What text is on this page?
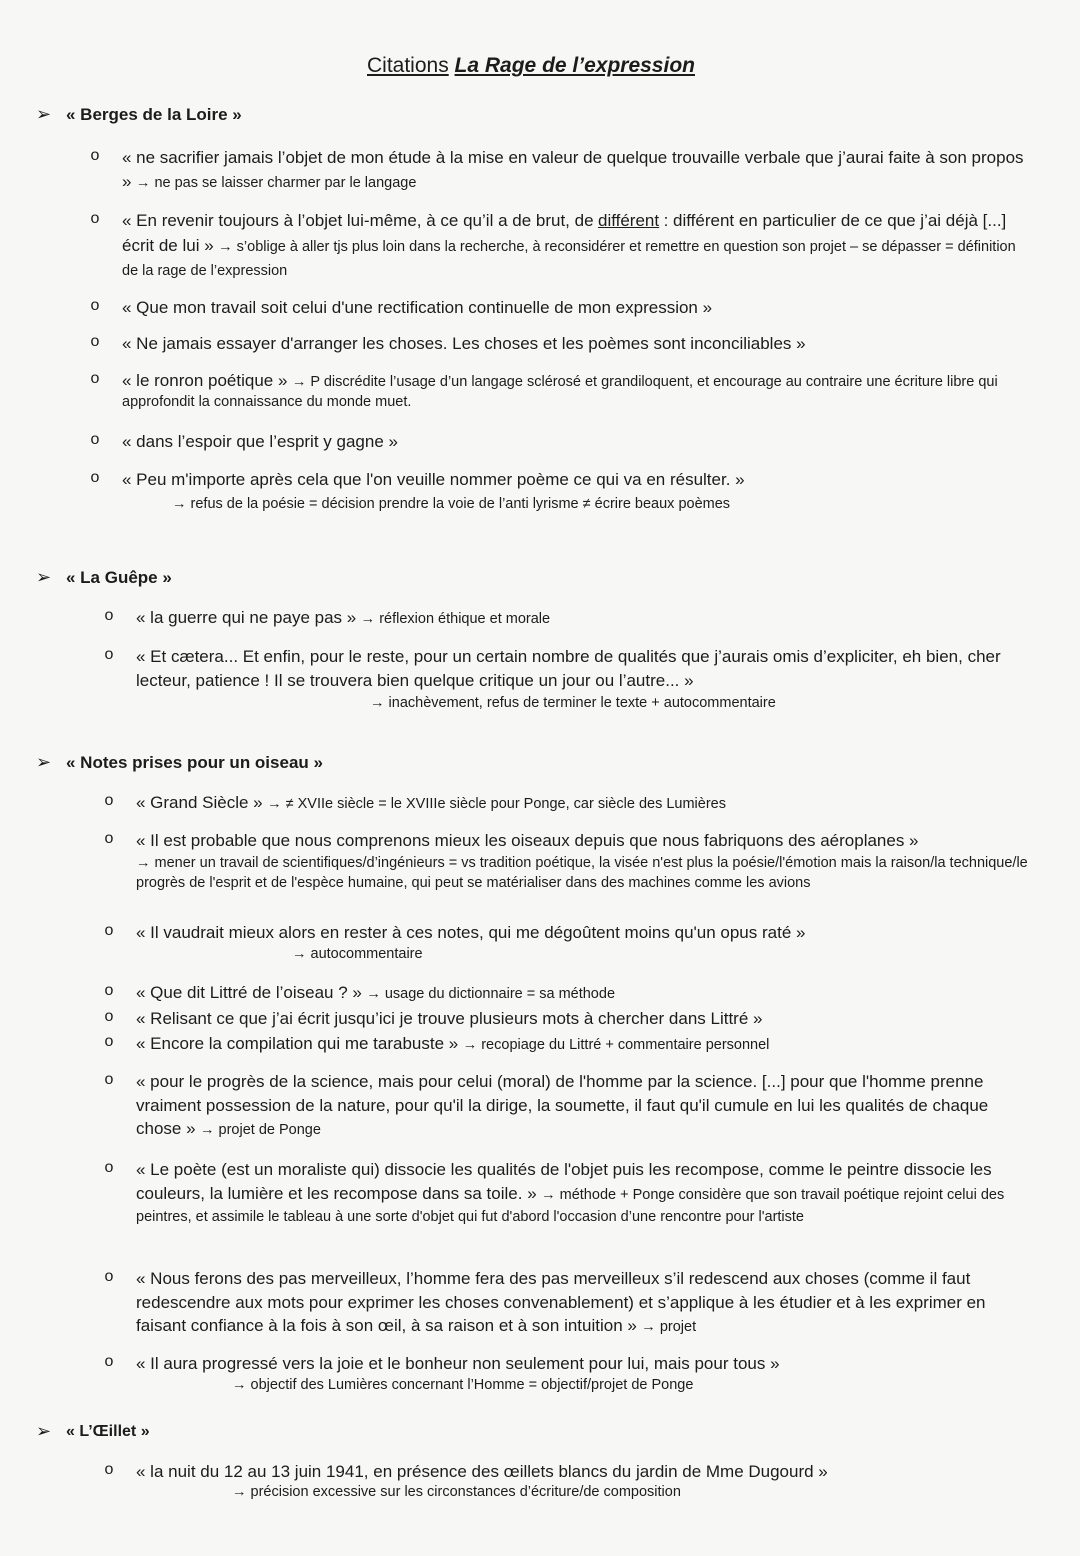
Citations La Rage de l’expression
➢ « Berges de la Loire »
o « ne sacrifier jamais l’objet de mon étude à la mise en valeur de quelque trouvaille verbale que j’aurai faite à son propos » → ne pas se laisser charmer par le langage
o « En revenir toujours à l’objet lui-même, à ce qu’il a de brut, de différent : différent en particulier de ce que j’ai déjà [...] écrit de lui » → s’oblige à aller tjs plus loin dans la recherche, à reconsidérer et remettre en question son projet – se dépasser = définition de la rage de l’expression
o « Que mon travail soit celui d'une rectification continuelle de mon expression »
o « Ne jamais essayer d'arranger les choses. Les choses et les poèmes sont inconciliables »
o « le ronron poétique » → P discrédite l’usage d’un langage sclérosé et grandiloquent, et encourage au contraire une écriture libre qui approfondit la connaissance du monde muet.
o « dans l’espoir que l’esprit y gagne »
o « Peu m'importe après cela que l'on veuille nommer poème ce qui va en résulter. »
→ refus de la poésie = décision prendre la voie de l’anti lyrisme ≠ écrire beaux poèmes
➢ « La Guêpe »
o « la guerre qui ne paye pas » → réflexion éthique et morale
o « Et cætera... Et enfin, pour le reste, pour un certain nombre de qualités que j’aurais omis d’expliciter, eh bien, cher lecteur, patience ! Il se trouvera bien quelque critique un jour ou l’autre... »
→ inachèvement, refus de terminer le texte + autocommentaire
➢ « Notes prises pour un oiseau »
o « Grand Siècle » → ≠ XVIIe siècle = le XVIIIe siècle pour Ponge, car siècle des Lumières
o « Il est probable que nous comprenons mieux les oiseaux depuis que nous fabriquons des aéroplanes »
→ mener un travail de scientifiques/d’ingénieurs = vs tradition poétique, la visée n'est plus la poésie/l'émotion mais la raison/la technique/le progrès de l'esprit et de l'espèce humaine, qui peut se matérialiser dans des machines comme les avions
o « Il vaudrait mieux alors en rester à ces notes, qui me dégoûtent moins qu'un opus raté »
→ autocommentaire
o « Que dit Littré de l’oiseau ? » → usage du dictionnaire = sa méthode
o « Relisant ce que j’ai écrit jusqu’ici je trouve plusieurs mots à chercher dans Littré »
o « Encore la compilation qui me tarabuste » → recopiage du Littré + commentaire personnel
o « pour le progrès de la science, mais pour celui (moral) de l'homme par la science. [...] pour que l'homme prenne vraiment possession de la nature, pour qu'il la dirige, la soumette, il faut qu'il cumule en lui les qualités de chaque chose » → projet de Ponge
o « Le poète (est un moraliste qui) dissocie les qualités de l'objet puis les recompose, comme le peintre dissocie les couleurs, la lumière et les recompose dans sa toile. » → méthode + Ponge considère que son travail poétique rejoint celui des peintres, et assimile le tableau à une sorte d'objet qui fut d'abord l'occasion d’une rencontre pour l'artiste
o « Nous ferons des pas merveilleux, l’homme fera des pas merveilleux s’il redescend aux choses (comme il faut redescendre aux mots pour exprimer les choses convenablement) et s’applique à les étudier et à les exprimer en faisant confiance à la fois à son œil, à sa raison et à son intuition » → projet
o « Il aura progressé vers la joie et le bonheur non seulement pour lui, mais pour tous »
→ objectif des Lumières concernant l’Homme = objectif/projet de Ponge
➢ « L’Œillet »
o « la nuit du 12 au 13 juin 1941, en présence des œillets blancs du jardin de Mme Dugourd »
→ précision excessive sur les circonstances d’écriture/de composition
